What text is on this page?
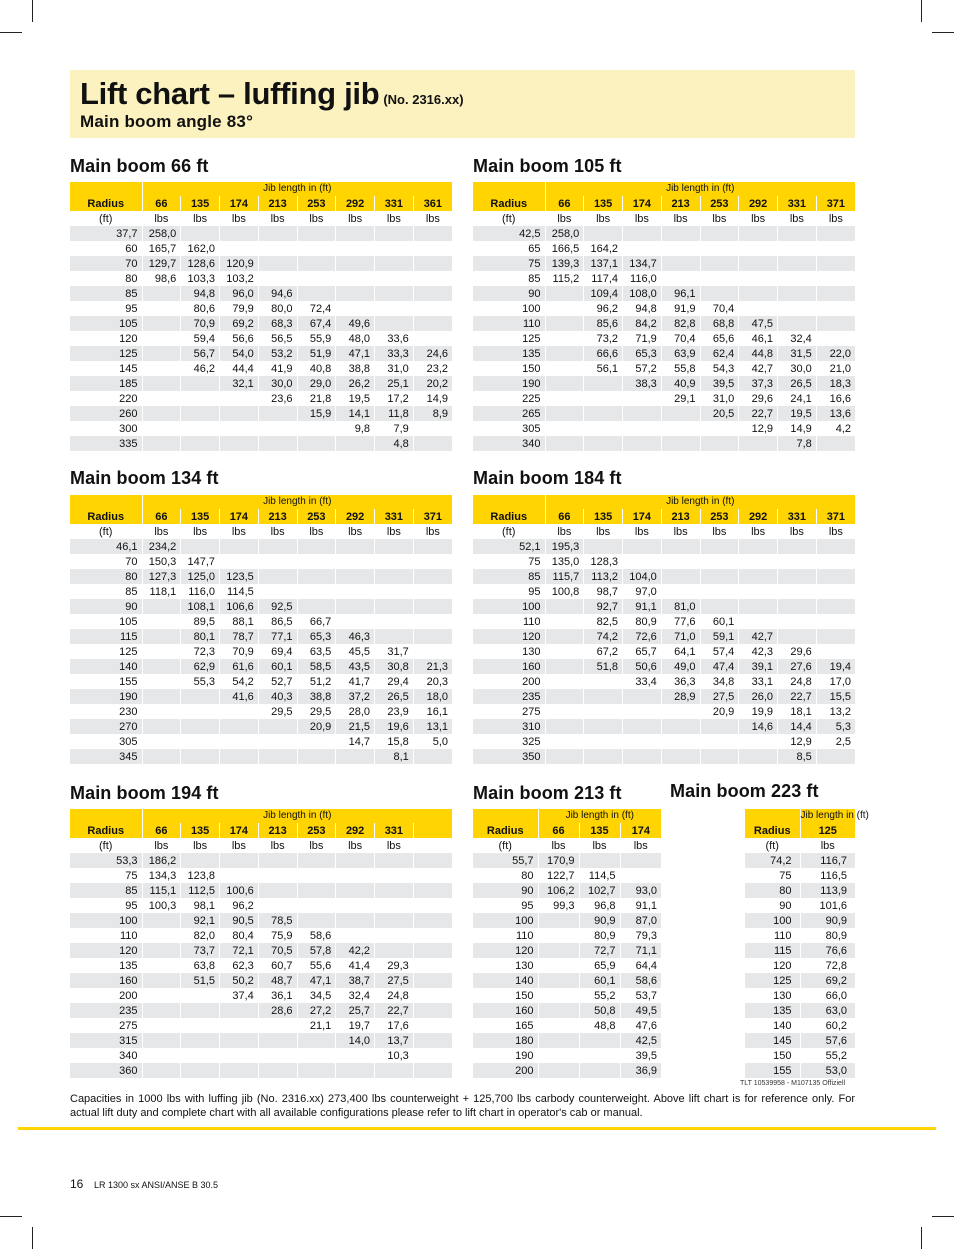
Lift chart – luffing jib (No. 2316.xx)
Main boom angle 83°
Main boom 66 ft	Main boom 105 ft
Main boom 134 ft	Main boom 184 ft
Main boom 194 ft	Main boom 213 ft	Main boom 223 ft
	Jib length in (ft)							
Radius	66	135	174	213	253	292	331	361
(ft)	lbs	lbs	lbs	lbs	lbs	lbs	lbs	lbs
37,7	258,0							
60	165,7	162,0						
70	129,7	128,6	120,9					
80	98,6	103,3	103,2					
85		94,8	96,0	94,6				
95		80,6	79,9	80,0	72,4			
105		70,9	69,2	68,3	67,4	49,6		
120		59,4	56,6	56,5	55,9	48,0	33,6	
125		56,7	54,0	53,2	51,9	47,1	33,3	24,6
145		46,2	44,4	41,9	40,8	38,8	31,0	23,2
185			32,1	30,0	29,0	26,2	25,1	20,2
220				23,6	21,8	19,5	17,2	14,9
260					15,9	14,1	11,8	8,9
300						9,8	7,9	
335							4,8	
	Jib length in (ft)							
Radius	66	135	174	213	253	292	331	371
(ft)	lbs	lbs	lbs	lbs	lbs	lbs	lbs	lbs
42,5	258,0							
65	166,5	164,2						
75	139,3	137,1	134,7					
85	115,2	117,4	116,0					
90		109,4	108,0	96,1				
100		96,2	94,8	91,9	70,4			
110		85,6	84,2	82,8	68,8	47,5		
125		73,2	71,9	70,4	65,6	46,1	32,4	
135		66,6	65,3	63,9	62,4	44,8	31,5	22,0
150		56,1	57,2	55,8	54,3	42,7	30,0	21,0
190			38,3	40,9	39,5	37,3	26,5	18,3
225				29,1	31,0	29,6	24,1	16,6
265					20,5	22,7	19,5	13,6
305						12,9	14,9	4,2
340							7,8	
	Jib length in (ft)							
Radius	66	135	174	213	253	292	331	371
(ft)	lbs	lbs	lbs	lbs	lbs	lbs	lbs	lbs
46,1	234,2							
70	150,3	147,7						
80	127,3	125,0	123,5					
85	118,1	116,0	114,5					
90		108,1	106,6	92,5				
105		89,5	88,1	86,5	66,7			
115		80,1	78,7	77,1	65,3	46,3		
125		72,3	70,9	69,4	63,5	45,5	31,7	
140		62,9	61,6	60,1	58,5	43,5	30,8	21,3
155		55,3	54,2	52,7	51,2	41,7	29,4	20,3
190			41,6	40,3	38,8	37,2	26,5	18,0
230				29,5	29,5	28,0	23,9	16,1
270					20,9	21,5	19,6	13,1
305						14,7	15,8	5,0
345							8,1	
	Jib length in (ft)							
Radius	66	135	174	213	253	292	331	371
(ft)	lbs	lbs	lbs	lbs	lbs	lbs	lbs	lbs
52,1	195,3							
75	135,0	128,3						
85	115,7	113,2	104,0					
95	100,8	98,7	97,0					
100		92,7	91,1	81,0				
110		82,5	80,9	77,6	60,1			
120		74,2	72,6	71,0	59,1	42,7		
130		67,2	65,7	64,1	57,4	42,3	29,6	
160		51,8	50,6	49,0	47,4	39,1	27,6	19,4
200			33,4	36,3	34,8	33,1	24,8	17,0
235				28,9	27,5	26,0	22,7	15,5
275					20,9	19,9	18,1	13,2
310						14,6	14,4	5,3
325							12,9	2,5
350							8,5	
	Jib length in (ft)							
Radius	66	135	174	213	253	292	331	
(ft)	lbs	lbs	lbs	lbs	lbs	lbs	lbs	
53,3	186,2							
75	134,3	123,8						
85	115,1	112,5	100,6					
95	100,3	98,1	96,2					
100		92,1	90,5	78,5				
110		82,0	80,4	75,9	58,6			
120		73,7	72,1	70,5	57,8	42,2		
135		63,8	62,3	60,7	55,6	41,4	29,3	
160		51,5	50,2	48,7	47,1	38,7	27,5	
200			37,4	36,1	34,5	32,4	24,8	
235				28,6	27,2	25,7	22,7	
275					21,1	19,7	17,6	
315						14,0	13,7	
340							10,3	
360								
	Jib length in (ft)		
Radius	66	135	174
(ft)	lbs	lbs	lbs
55,7	170,9		
80	122,7	114,5	
90	106,2	102,7	93,0
95	99,3	96,8	91,1
100		90,9	87,0
110		80,9	79,3
120		72,7	71,1
130		65,9	64,4
140		60,1	58,6
150		55,2	53,7
160		50,8	49,5
165		48,8	47,6
180			42,5
190			39,5
200			36,9
	Jib length in (ft)
Radius	125
(ft)	lbs
74,2	116,7
75	116,5
80	113,9
90	101,6
100	90,9
110	80,9
115	76,6
120	72,8
125	69,2
130	66,0
135	63,0
140	60,2
145	57,6
150	55,2
155	53,0
TLT 10539958 - M107135 Offiziell
Capacities in 1000 lbs with luffing jib (No. 2316.xx) 273,400 lbs counterweight + 125,700 lbs carbody counterweight. Above lift chart is for reference only. For actual lift duty and complete chart with all available configurations please refer to lift chart in operator's cab or manual.
16 LR 1300 sx ANSI/ANSE B 30.5
